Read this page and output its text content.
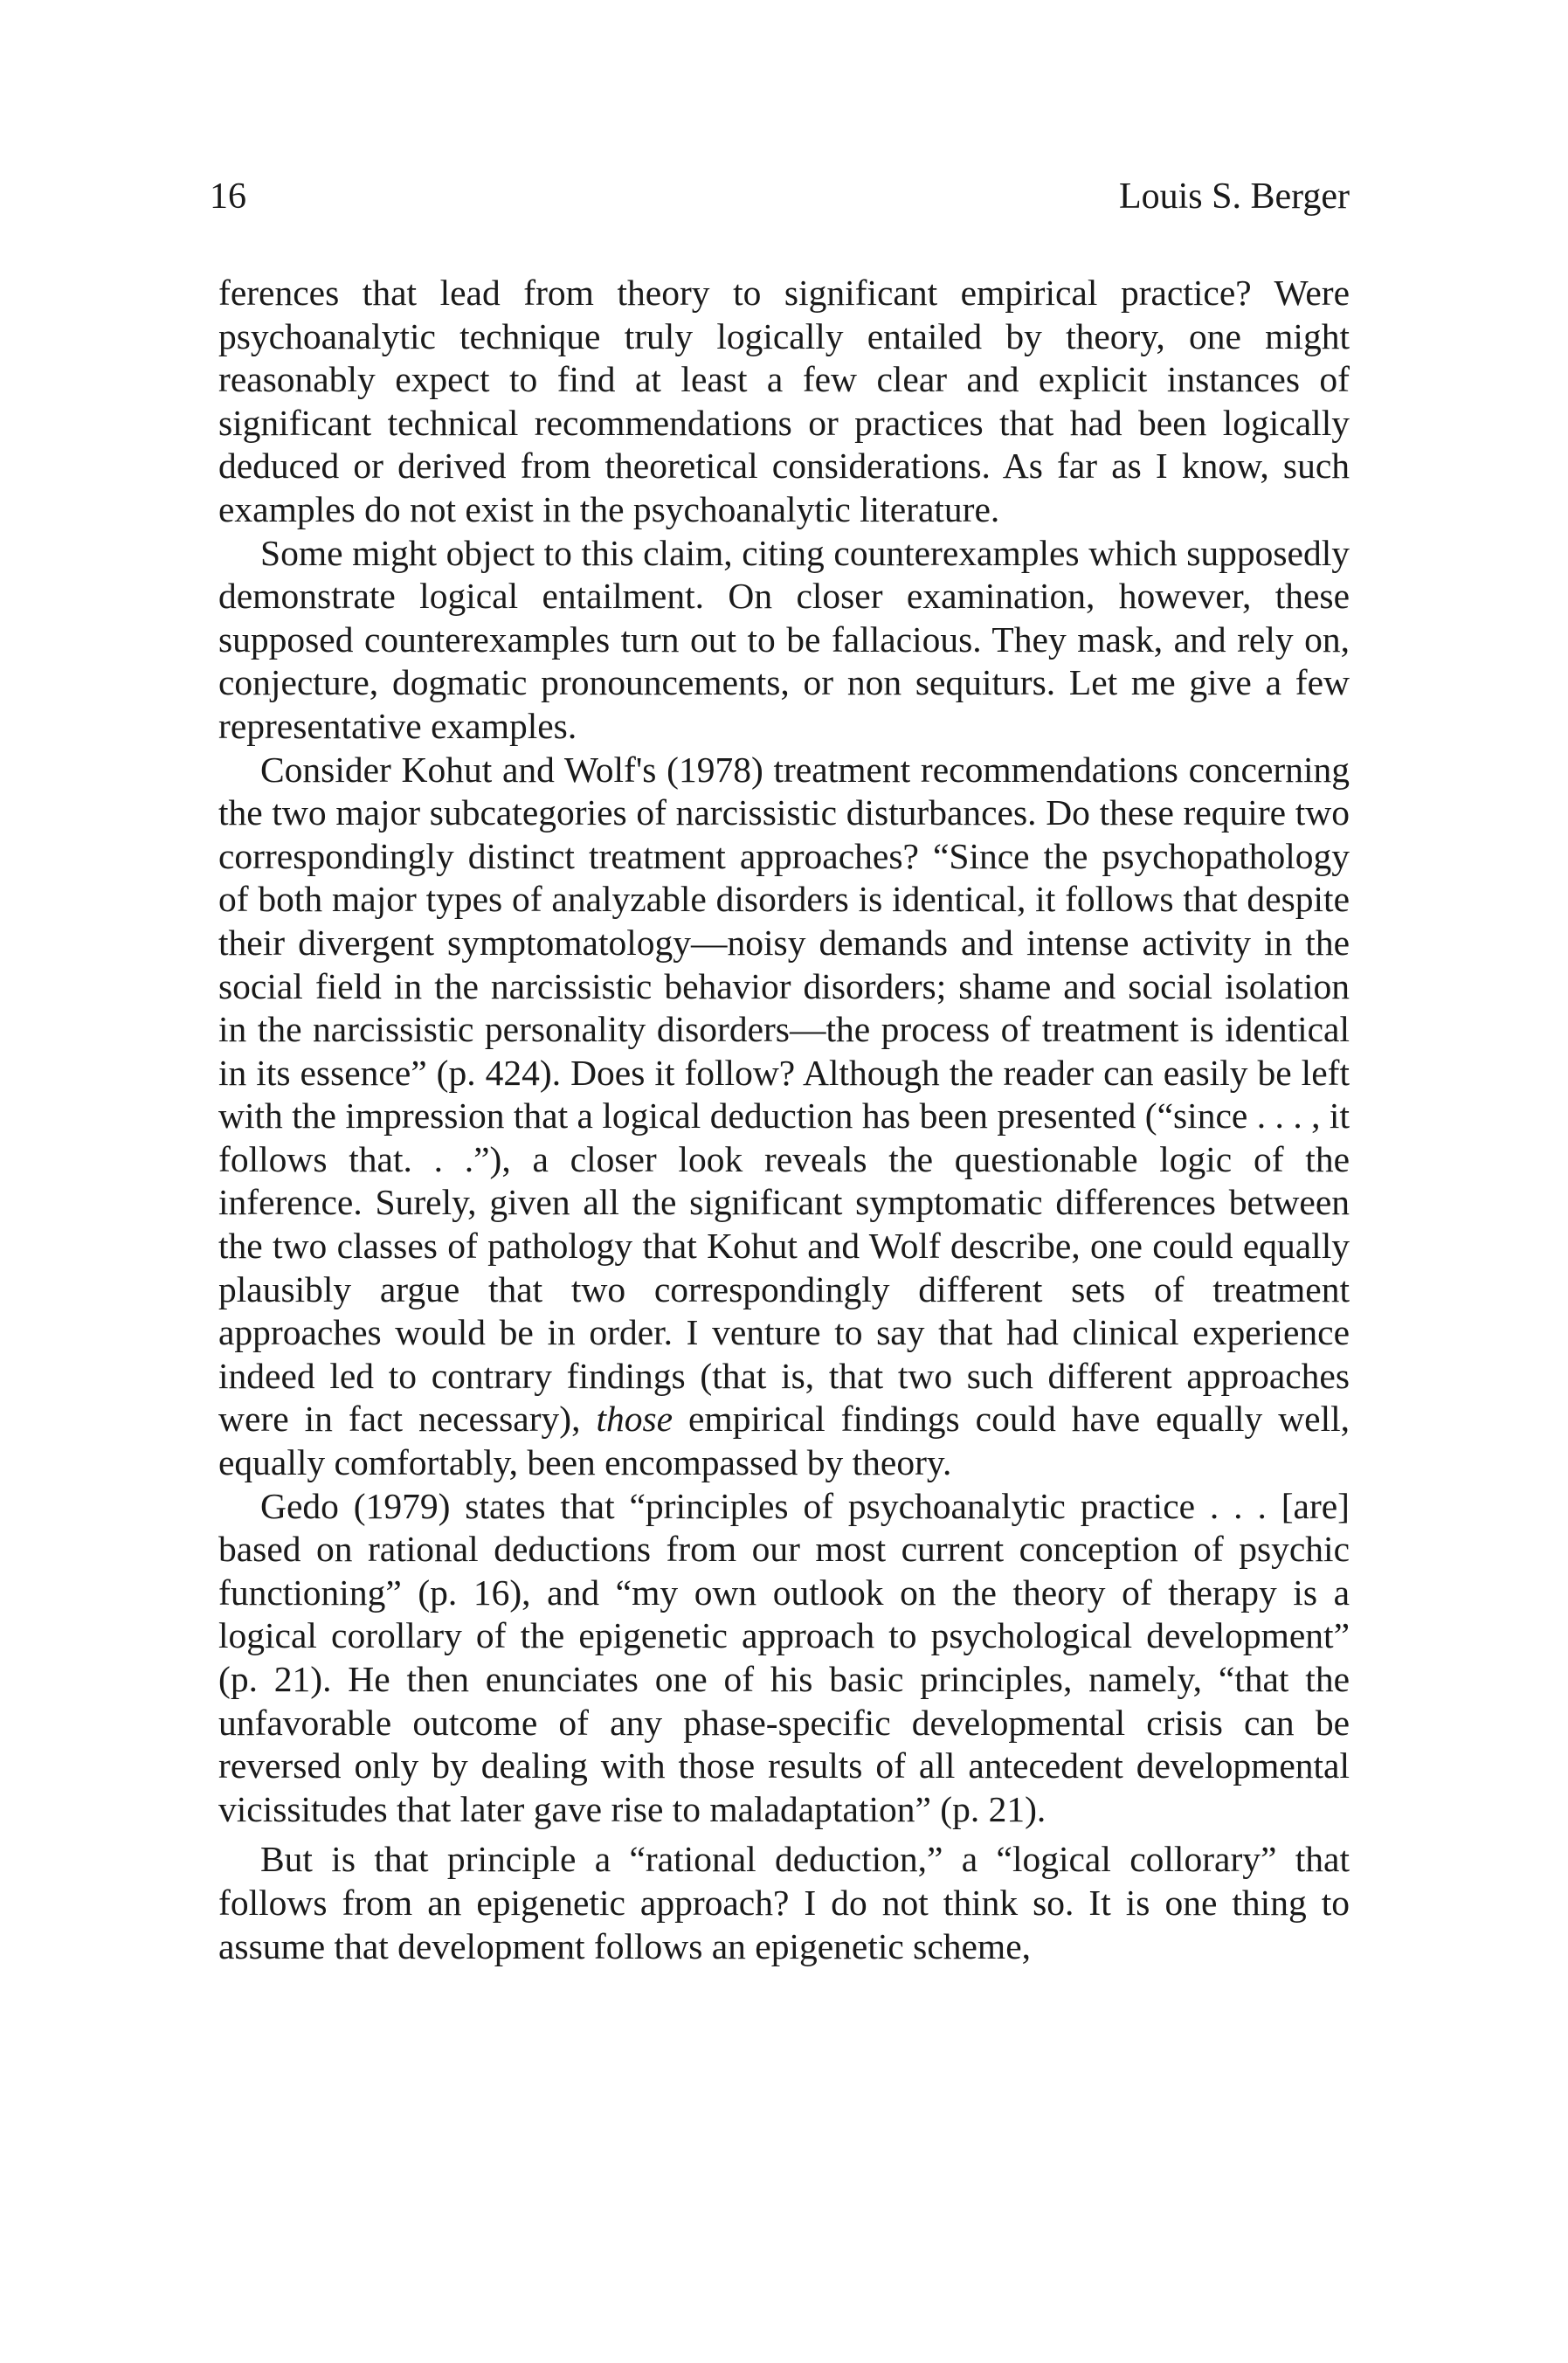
16	Louis S. Berger

ferences that lead from theory to significant empirical practice? Were psychoanalytic technique truly logically entailed by theory, one might reasonably expect to find at least a few clear and explicit instances of significant technical recommendations or practices that had been logically deduced or derived from theoretical considerations. As far as I know, such examples do not exist in the psychoanalytic literature.

Some might object to this claim, citing counterexamples which supposedly demonstrate logical entailment. On closer examination, however, these supposed counterexamples turn out to be fallacious. They mask, and rely on, conjecture, dogmatic pronouncements, or non sequiturs. Let me give a few representative examples.

Consider Kohut and Wolf's (1978) treatment recommendations concerning the two major subcategories of narcissistic disturbances. Do these require two correspondingly distinct treatment approaches? “Since the psychopathology of both major types of analyzable disorders is identical, it follows that despite their divergent symptomatology—noisy demands and intense activity in the social field in the narcissistic behavior disorders; shame and social isolation in the narcissistic personality disorders—the process of treatment is identical in its essence” (p. 424). Does it follow? Although the reader can easily be left with the impression that a logical deduction has been presented (“since . . . , it follows that. . .”), a closer look reveals the questionable logic of the inference. Surely, given all the significant symptomatic differences between the two classes of pathology that Kohut and Wolf describe, one could equally plausibly argue that two correspondingly different sets of treatment approaches would be in order. I venture to say that had clinical experience indeed led to contrary findings (that is, that two such different approaches were in fact necessary), those empirical findings could have equally well, equally comfortably, been encompassed by theory.

Gedo (1979) states that “principles of psychoanalytic practice . . . [are] based on rational deductions from our most current conception of psychic functioning” (p. 16), and “my own outlook on the theory of therapy is a logical corollary of the epigenetic approach to psychological development” (p. 21). He then enunciates one of his basic principles, namely, “that the unfavorable outcome of any phase-specific developmental crisis can be reversed only by dealing with those results of all antecedent developmental vicissitudes that later gave rise to maladaptation” (p. 21).

But is that principle a “rational deduction,” a “logical collorary” that follows from an epigenetic approach? I do not think so. It is one thing to assume that development follows an epigenetic scheme,
